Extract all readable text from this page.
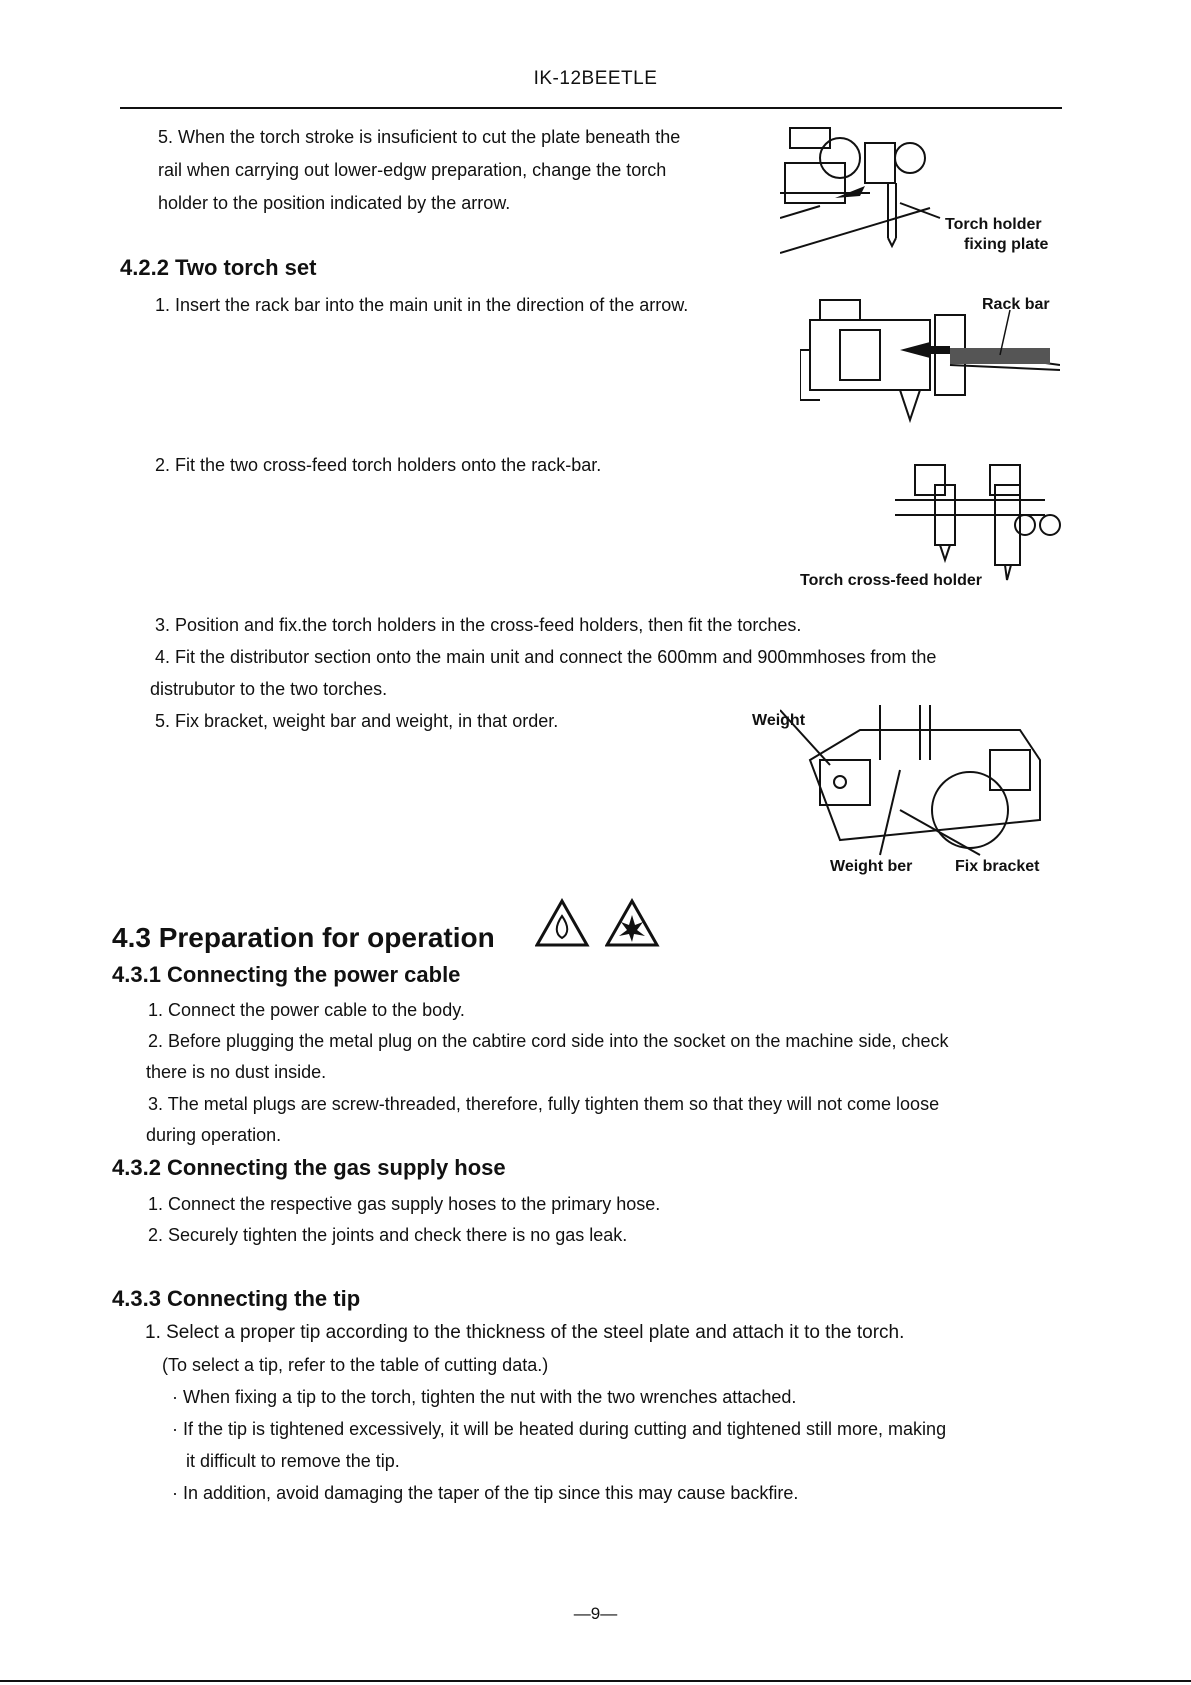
IK-12BEETLE
5. When the torch stroke is insuficient to cut the plate beneath the
rail when carrying out lower-edgw preparation, change the torch
holder to the position indicated by the arrow.
Torch holder
fixing plate
4.2.2 Two torch set
1. Insert the rack bar into the main unit in the direction of the arrow.	Rack bar
2. Fit the two cross-feed torch holders onto the rack-bar.
Torch cross-feed holder
3. Position and fix.the torch holders in the cross-feed holders, then fit the torches.
4. Fit the distributor section onto the main unit and connect the 600mm and 900mmhoses from the
distrubutor to the two torches.
5. Fix bracket, weight bar and weight, in that order.	Weight
Weight ber	Fix bracket
4.3 Preparation for operation
4.3.1 Connecting the power cable
1. Connect the power cable to the body.
2. Before plugging the metal plug on the cabtire cord side into the socket on the machine side, check
there is no dust inside.
3. The metal plugs are screw-threaded, therefore, fully tighten them so that they will not come loose
during operation.
4.3.2 Connecting the gas supply hose
1. Connect the respective gas supply hoses to the primary hose.
2. Securely tighten the joints and check there is no gas leak.
4.3.3 Connecting the tip
1. Select a proper tip according to the thickness of the steel plate and attach it to the torch.
(To select a tip, refer to the table of cutting data.)
· When fixing a tip to the torch, tighten the nut with the two wrenches attached.
· If the tip is tightened excessively, it will be heated during cutting and tightened still more, making
it difficult to remove the tip.
· In addition, avoid damaging the taper of the tip since this may cause backfire.
—9—
